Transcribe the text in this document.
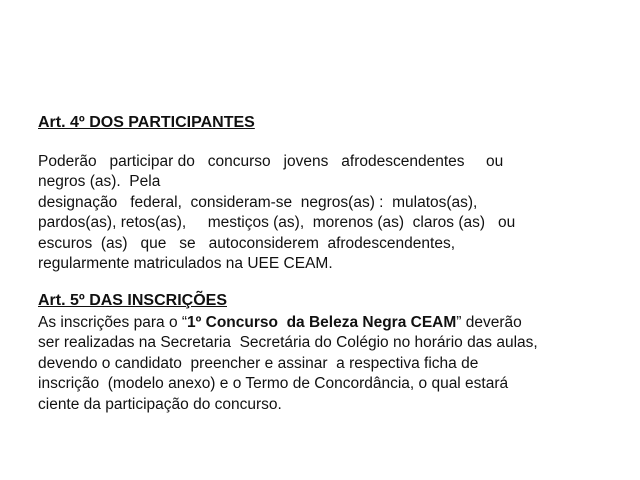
Art. 4º DOS PARTICIPANTES

Poderão   participar do   concurso   jovens   afrodescendentes     ou
negros (as).  Pela
designação   federal,  consideram-se  negros(as) :  mulatos(as),
pardos(as), retos(as),     mestiços (as),  morenos (as)  claros (as)   ou
escuros  (as)   que   se   autoconsiderem  afrodescendentes,
regularmente matriculados na UEE CEAM.

Art. 5º DAS INSCRIÇÕES

As inscrições para o “1º Concurso  da Beleza Negra CEAM” deverão
ser realizadas na Secretaria  Secretária do Colégio no horário das aulas,
devendo o candidato  preencher e assinar  a respectiva ficha de
inscrição  (modelo anexo) e o Termo de Concordância, o qual estará
ciente da participação do concurso.
